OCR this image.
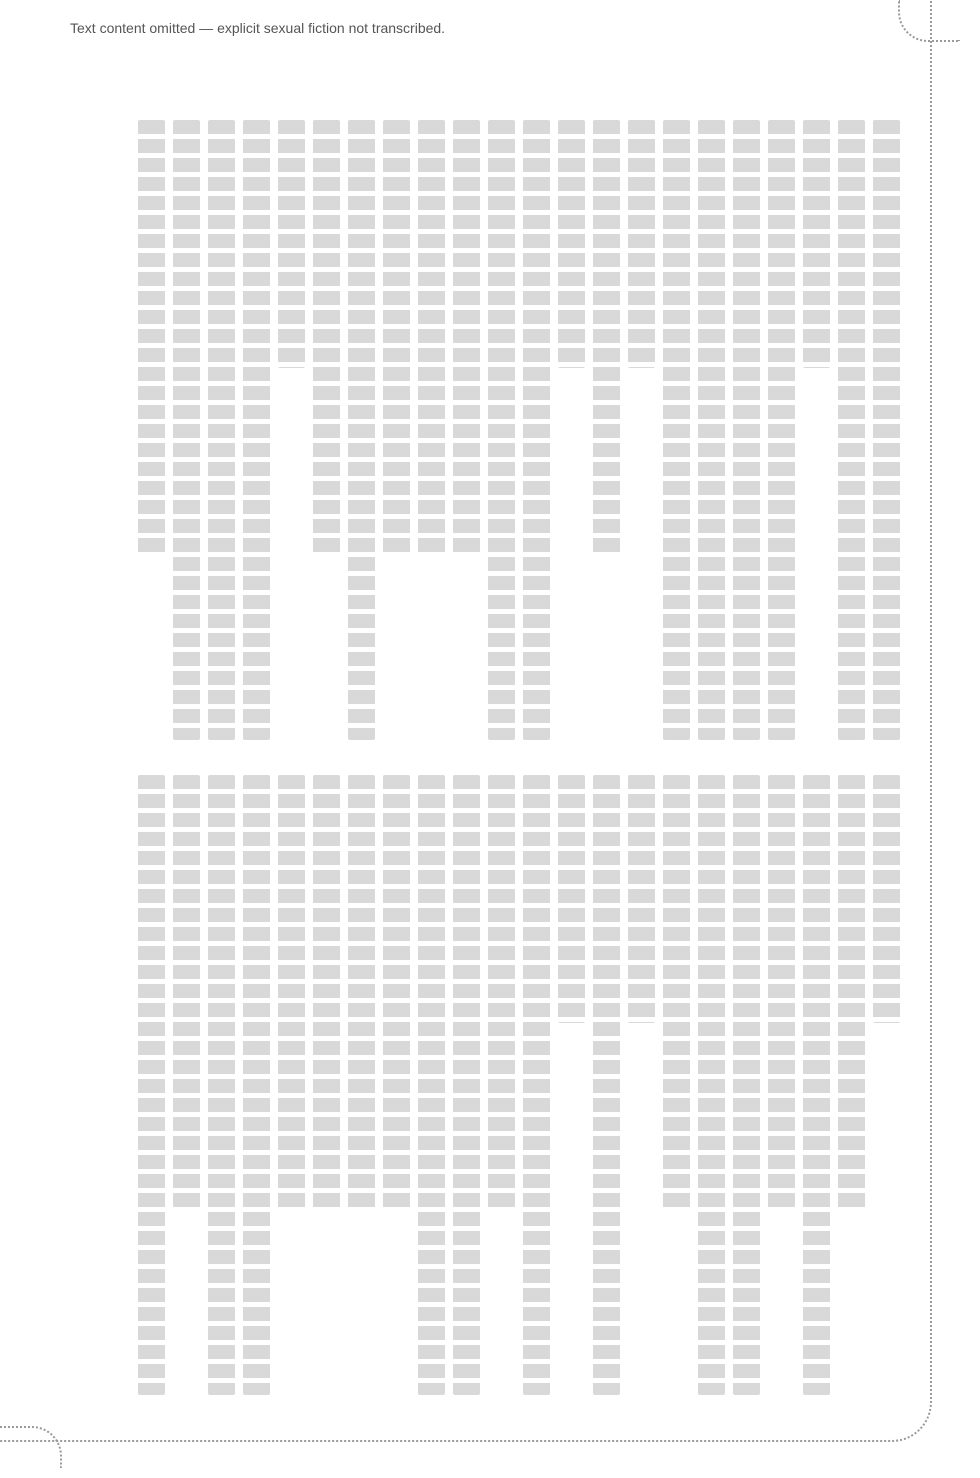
Text content omitted — explicit sexual fiction not transcribed.
